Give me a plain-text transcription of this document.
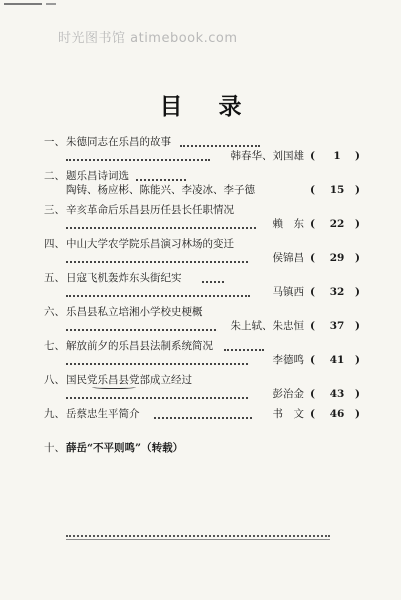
时光图书馆 atimebook.com
目 录
一、 朱德同志在乐昌的故事
韩春华、刘国雄 (	1	)
二、 题乐昌诗词选
陶铸、杨应彬、陈能兴、李凌冰、李子德	( 15 )
三、 辛亥革命后乐昌县历任县长任职情况
赖　东 ( 22 )
四、 中山大学农学院乐昌演习林场的变迁
侯锦昌 ( 29 )
五、 日寇飞机轰炸东头街纪实
马镇西 ( 32 )
六、 乐昌县私立培湘小学校史梗概
朱上轼、朱忠恒 ( 37 )
七、 解放前夕的乐昌县法制系统简况
李德鸣 ( 41 )
八、 国民党乐昌县党部成立经过
彭治金 ( 43 )
九、 岳蔡忠生平简介	书　文 ( 46 )
十、 薛岳“不平则鸣”（转载）
